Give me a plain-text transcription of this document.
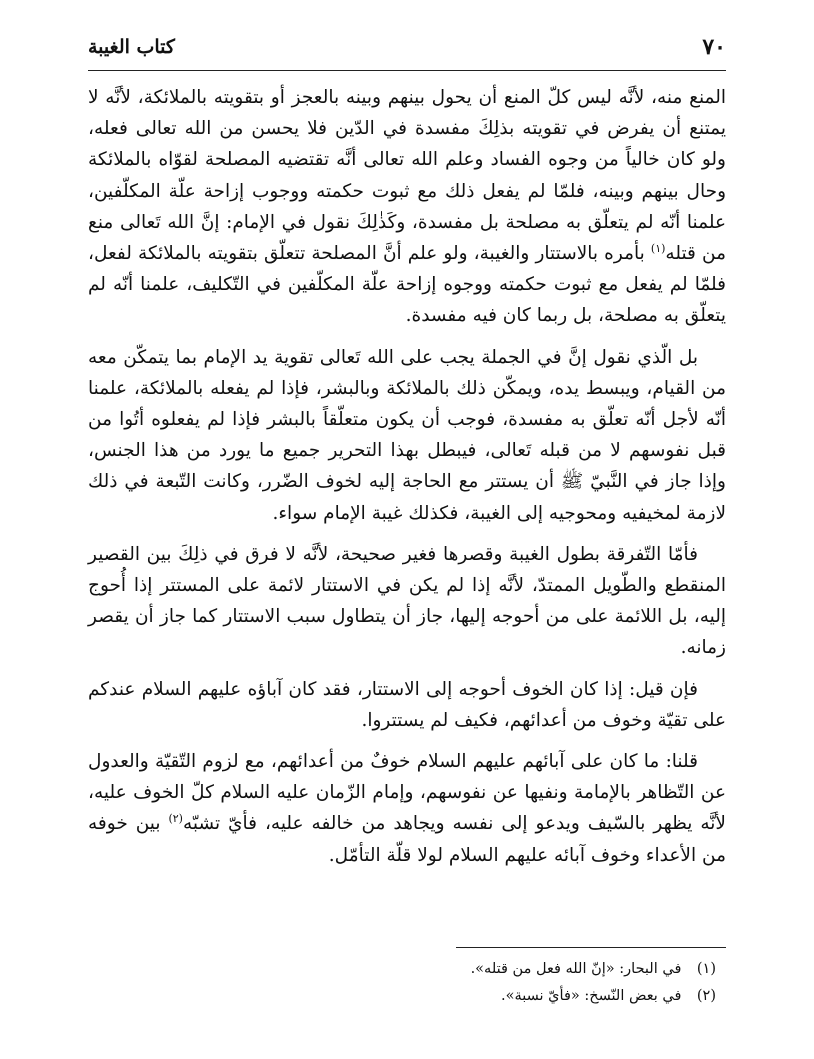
كتاب الغيبة	٧٠

المنع منه، لأنَّه ليس كلّ المنع أن يحول بينهم وبينه بالعجز أو بتقويته بالملائكة، لأنَّه لا يمتنع أن يفرض في تقويته بذلِكَ مفسدة في الدّين فلا يحسن من الله تعالى فعله، ولو كان خالياً من وجوه الفساد وعلم الله تعالى أنَّه تقتضيه المصلحة لقوّاه بالملائكة وحال بينهم وبينه، فلمّا لم يفعل ذلك مع ثبوت حكمته ووجوب إزاحة علّة المكلّفين، علمنا أنّه لم يتعلّق به مصلحة بل مفسدة، وكَذٰلِكَ نقول في الإمام: إنَّ الله تَعالى منع من قتله$^{(١)}$ بأمره بالاستتار والغيبة، ولو علم أنَّ المصلحة تتعلّق بتقويته بالملائكة لفعل، فلمّا لم يفعل مع ثبوت حكمته ووجوه إزاحة علّة المكلّفين في التّكليف، علمنا أنّه لم يتعلّق به مصلحة، بل ربما كان فيه مفسدة.

بل الّذي نقول إنَّ في الجملة يجب على الله تَعالى تقوية يد الإمام بما يتمكّن معه من القيام، ويبسط يده، ويمكّن ذلك بالملائكة وبالبشر، فإذا لم يفعله بالملائكة، علمنا أنّه لأجل أنّه تعلّق به مفسدة، فوجب أن يكون متعلّقاً بالبشر فإذا لم يفعلوه أتُوا من قبل نفوسهم لا من قبله تَعالى، فيبطل بهذا التحرير جميع ما يورد من هذا الجنس، وإذا جاز في النَّبيّ ﷺ أن يستتر مع الحاجة إليه لخوف الضّرر، وكانت التّبعة في ذلك لازمة لمخيفيه ومحوجيه إلى الغيبة، فكذلك غيبة الإمام سواء.

فأمّا التّفرقة بطول الغيبة وقصرها فغير صحيحة، لأنَّه لا فرق في ذلِكَ بين القصير المنقطع والطّويل الممتدّ، لأنَّه إذا لم يكن في الاستتار لائمة على المستتر إذا أُحوج إليه، بل اللائمة على من أحوجه إليها، جاز أن يتطاول سبب الاستتار كما جاز أن يقصر زمانه.

فإن قيل: إذا كان الخوف أحوجه إلى الاستتار، فقد كان آباؤه عليهم السلام عندكم على تقيّة وخوف من أعدائهم، فكيف لم يستتروا.

قلنا: ما كان على آبائهم عليهم السلام خوفٌ من أعدائهم، مع لزوم التّقيّة والعدول عن التّظاهر بالإمامة ونفيها عن نفوسهم، وإمام الزّمان عليه السلام كلّ الخوف عليه، لأنَّه يظهر بالسّيف ويدعو إلى نفسه ويجاهد من خالفه عليه، فأيّ تشبّه$^{(٢)}$ بين خوفه من الأعداء وخوف آبائه عليهم السلام لولا قلّة التأمّل.

(١) في البحار: «إنّ الله فعل من قتله».
(٢) في بعض النّسخ: «فأيّ نسبة».
